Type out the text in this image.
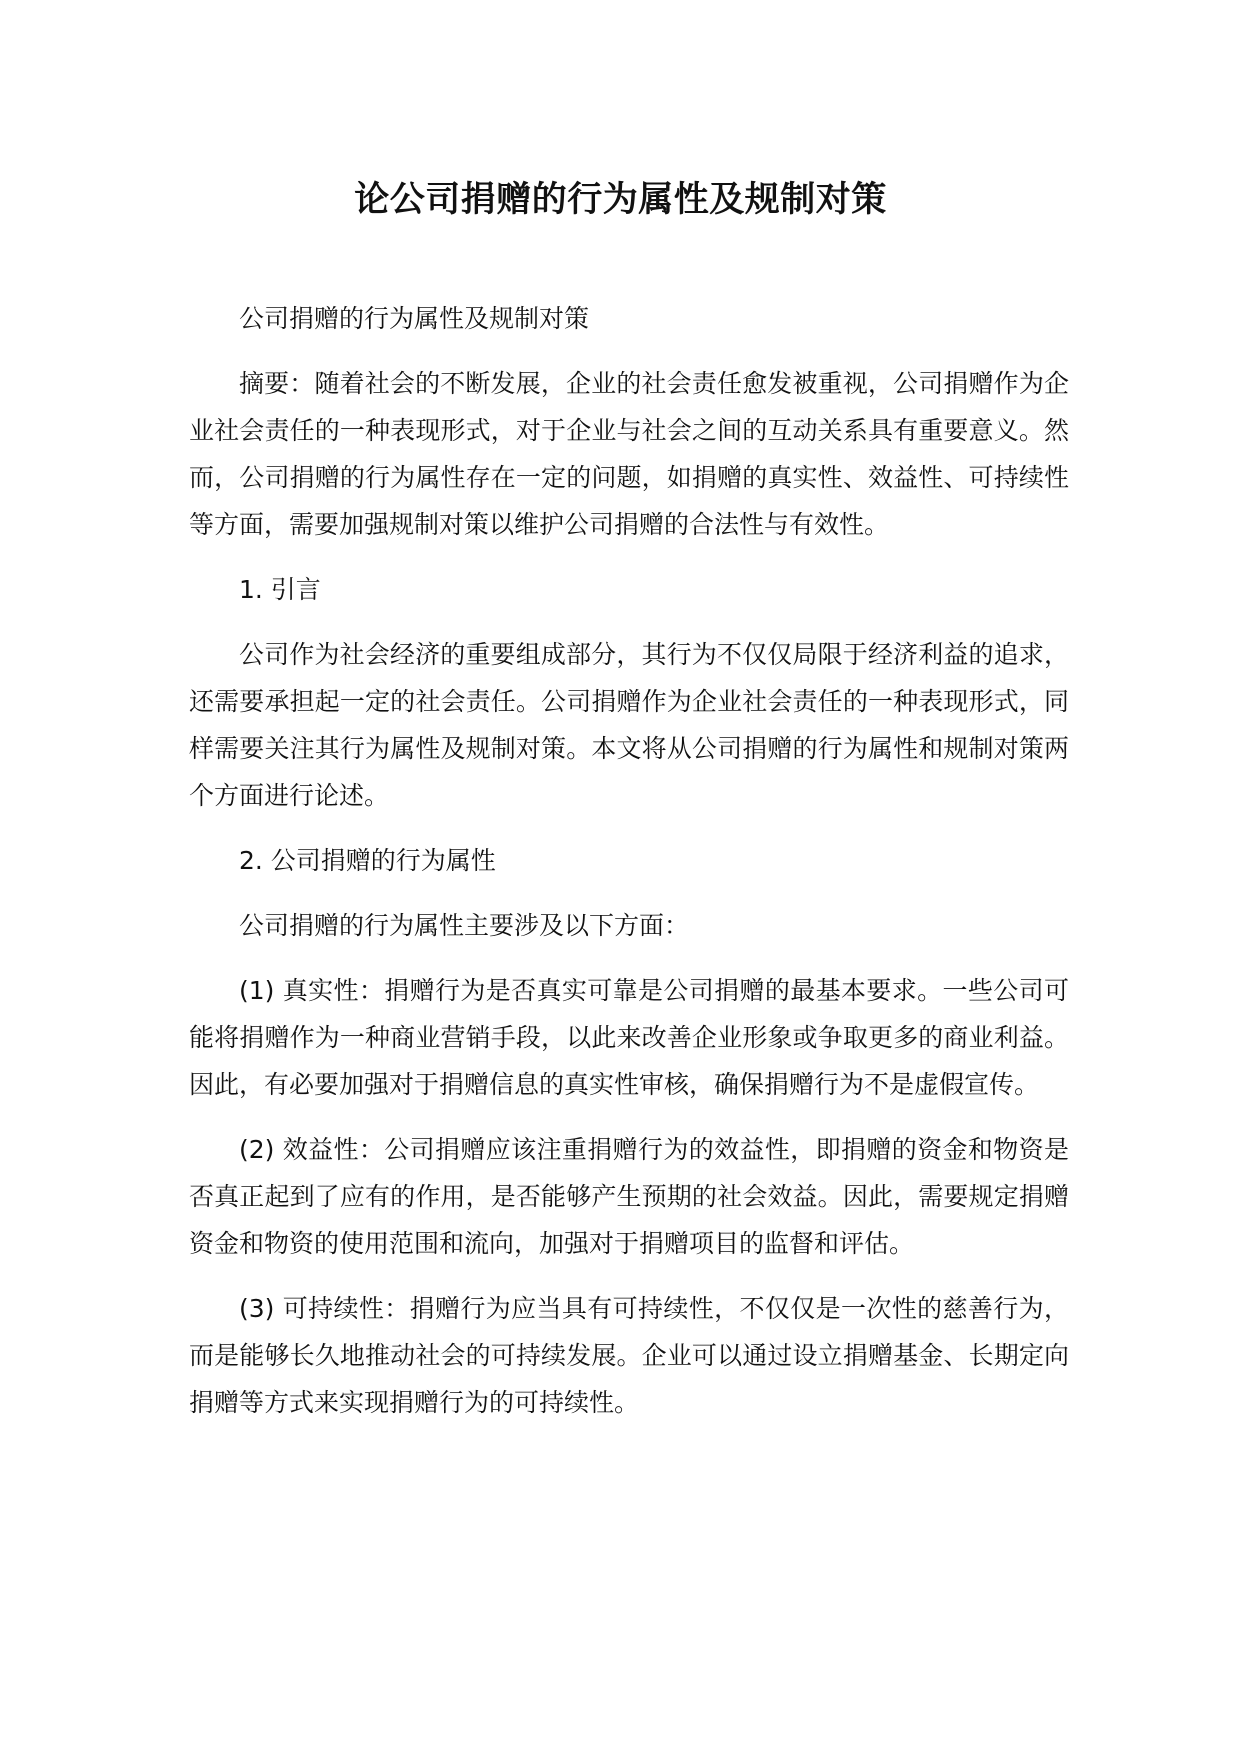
论公司捐赠的行为属性及规制对策

公司捐赠的行为属性及规制对策

摘要：随着社会的不断发展，企业的社会责任愈发被重视，公司捐赠作为企业社会责任的一种表现形式，对于企业与社会之间的互动关系具有重要意义。然而，公司捐赠的行为属性存在一定的问题，如捐赠的真实性、效益性、可持续性等方面，需要加强规制对策以维护公司捐赠的合法性与有效性。

1. 引言

公司作为社会经济的重要组成部分，其行为不仅仅局限于经济利益的追求，还需要承担起一定的社会责任。公司捐赠作为企业社会责任的一种表现形式，同样需要关注其行为属性及规制对策。本文将从公司捐赠的行为属性和规制对策两个方面进行论述。

2. 公司捐赠的行为属性

公司捐赠的行为属性主要涉及以下方面：

(1) 真实性：捐赠行为是否真实可靠是公司捐赠的最基本要求。一些公司可能将捐赠作为一种商业营销手段，以此来改善企业形象或争取更多的商业利益。因此，有必要加强对于捐赠信息的真实性审核，确保捐赠行为不是虚假宣传。

(2) 效益性：公司捐赠应该注重捐赠行为的效益性，即捐赠的资金和物资是否真正起到了应有的作用，是否能够产生预期的社会效益。因此，需要规定捐赠资金和物资的使用范围和流向，加强对于捐赠项目的监督和评估。

(3) 可持续性：捐赠行为应当具有可持续性，不仅仅是一次性的慈善行为，而是能够长久地推动社会的可持续发展。企业可以通过设立捐赠基金、长期定向捐赠等方式来实现捐赠行为的可持续性。
